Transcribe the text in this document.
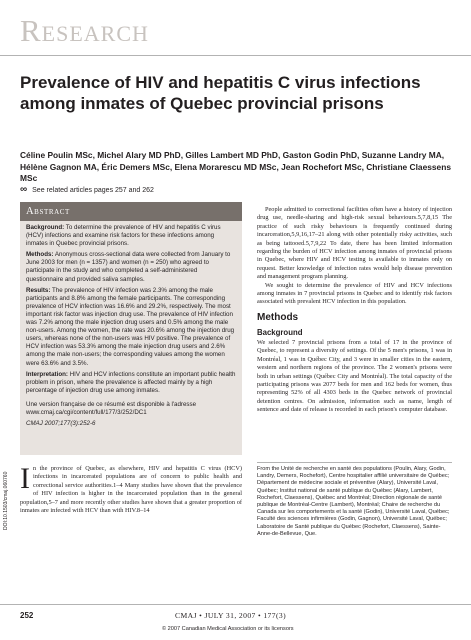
Research
Prevalence of HIV and hepatitis C virus infections among inmates of Quebec provincial prisons
Céline Poulin MSc, Michel Alary MD PhD, Gilles Lambert MD PhD, Gaston Godin PhD, Suzanne Landry MA, Hélène Gagnon MA, Éric Demers MSc, Elena Morarescu MD MSc, Jean Rochefort MSc, Christiane Claessens MSc
∞ See related articles pages 257 and 262
Abstract

Background: To determine the prevalence of HIV and hepatitis C virus (HCV) infections and examine risk factors for these infections among inmates in Quebec provincial prisons.

Methods: Anonymous cross-sectional data were collected from January to June 2003 for men (n = 1357) and women (n = 250) who agreed to participate in the study and who completed a self-administered questionnaire and provided saliva samples.

Results: The prevalence of HIV infection was 2.3% among the male participants and 8.8% among the female participants. The corresponding prevalence of HCV infection was 16.6% and 29.2%, respectively. The most important risk factor was injection drug use. The prevalence of HIV infection was 7.2% among the male injection drug users and 0.5% among the male non-users. Among the women, the rate was 20.6% among the injection drug users, whereas none of the non-users was HIV positive. The prevalence of HCV infection was 53.3% among the male injection drug users and 2.6% among the male non-users; the corresponding values among the women were 63.6% and 3.5%.

Interpretation: HIV and HCV infections constitute an important public health problem in prison, where the prevalence is affected mainly by a high percentage of injection drug use among inmates.

Une version française de ce résumé est disponible à l'adresse www.cmaj.ca/cgi/content/full/177/3/252/DC1

CMAJ 2007;177(3):252-6

In the province of Quebec, as elsewhere, HIV and hepatitis C virus (HCV) infections in incarcerated populations are of concern to public health and correctional service authorities.1–4 Many studies have shown that the prevalence of HIV infection is higher in the incarcerated population than in the general population,5–7 and more recently other studies have shown that a greater proportion of inmates are infected with HCV than with HIV.8–14

People admitted to correctional facilities often have a history of injection drug use, needle-sharing and high-risk sexual behaviours.5,7,8,15 The practice of such risky behaviours is frequently continued during incarceration,5,9,16,17–21 along with other potentially risky activities, such as being tattooed.5,7,9,22 To date, there has been limited information regarding the burden of HCV infection among inmates of provincial prisons in Quebec, where HIV and HCV testing is available to inmates only on request. Better knowledge of infection rates would help disease prevention and management program planning.

We sought to determine the prevalence of HIV and HCV infections among inmates in 7 provincial prisons in Quebec and to identify risk factors associated with prevalent HCV infection in this population.

Methods
Background

We selected 7 provincial prisons from a total of 17 in the province of Quebec, to represent a diversity of settings. Of the 5 men's prisons, 1 was in Montréal, 1 was in Québec City, and 3 were in smaller cities in the eastern, western and northern regions of the province. The 2 women's prisons were both in urban settings (Québec City and Montréal). The total capacity of the participating prisons was 2077 beds for men and 162 beds for women, thus representing 52% of all 4303 beds in the Quebec network of provincial detention centres. On admission, information such as name, length of sentence and date of release is recorded in each prison's computer database.

From the Unité de recherche en santé des populations (Poulin, Alary, Godin, Landry, Demers, Rochefort), Centre hospitalier affilié universitaire de Québec; Département de médecine sociale et préventive (Alary), Université Laval, Québec; Institut national de santé publique du Québec (Alary, Lambert, Rochefort, Claessens), Québec and Montréal; Direction régionale de santé publique de Montréal-Centre (Lambert), Montréal; Chaire de recherche du Canada sur les comportements et la santé (Godin), Université Laval, Québec; Faculté des sciences infirmières (Godin, Gagnon), Université Laval, Québec; Laboratoire de Santé publique du Québec (Rochefort, Claessens), Sainte-Anne-de-Bellevue, Que.
DOI:10.1503/cmaj.060760
252	CMAJ • JULY 31, 2007 • 177(3)
© 2007 Canadian Medical Association or its licensors
